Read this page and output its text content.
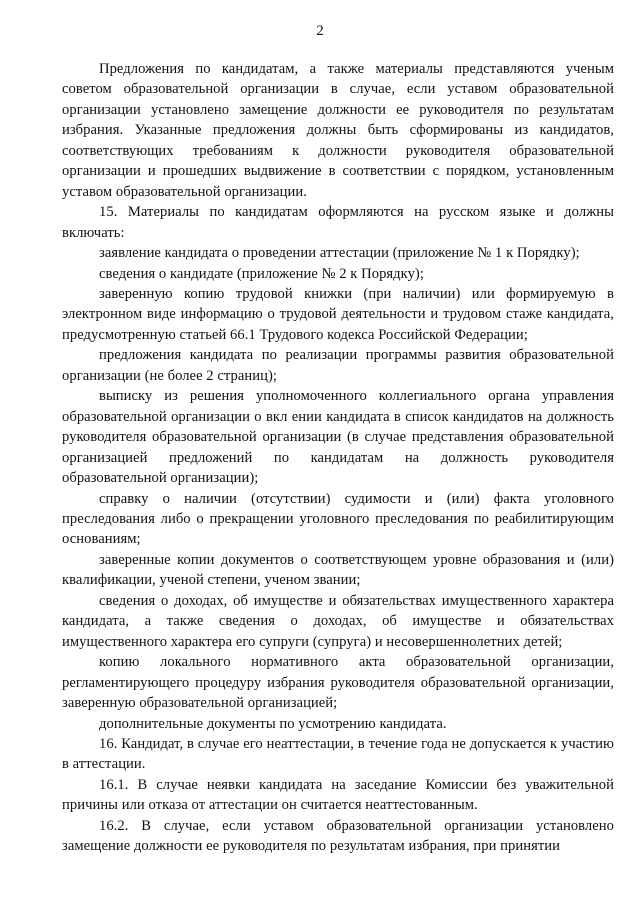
2

Предложения по кандидатам, а также материалы представляются ученым советом образовательной организации в случае, если уставом образовательной организации установлено замещение должности ее руководителя по результатам избрания. Указанные предложения должны быть сформированы из кандидатов, соответствующих требованиям к должности руководителя образовательной организации и прошедших выдвижение в соответствии с порядком, установленным уставом образовательной организации.

15. Материалы по кандидатам оформляются на русском языке и должны включать:

заявление кандидата о проведении аттестации (приложение № 1 к Порядку);

сведения о кандидате (приложение № 2 к Порядку);

заверенную копию трудовой книжки (при наличии) или формируемую в электронном виде информацию о трудовой деятельности и трудовом стаже кандидата, предусмотренную статьей 66.1 Трудового кодекса Российской Федерации;

предложения кандидата по реализации программы развития образовательной организации (не более 2 страниц);

выписку из решения уполномоченного коллегиального органа управления образовательной организации о вкл ении кандидата в список кандидатов на должность руководителя образовательной организации (в случае представления образовательной организацией предложений по кандидатам на должность руководителя образовательной организации);

справку о наличии (отсутствии) судимости и (или) факта уголовного преследования либо о прекращении уголовного преследования по реабилитирующим основаниям;

заверенные копии документов о соответствующем уровне образования и (или) квалификации, ученой степени, ученом звании;

сведения о доходах, об имуществе и обязательствах имущественного характера кандидата, а также сведения о доходах, об имуществе и обязательствах имущественного характера его супруги (супруга) и несовершеннолетних детей;

копию локального нормативного акта образовательной организации, регламентирующего процедуру избрания руководителя образовательной организации, заверенную образовательной организацией;

дополнительные документы по усмотрению кандидата.

16. Кандидат, в случае его неаттестации, в течение года не допускается к участию в аттестации.

16.1. В случае неявки кандидата на заседание Комиссии без уважительной причины или отказа от аттестации он считается неаттестованным.

16.2. В случае, если уставом образовательной организации установлено замещение должности ее руководителя по результатам избрания, при принятии
